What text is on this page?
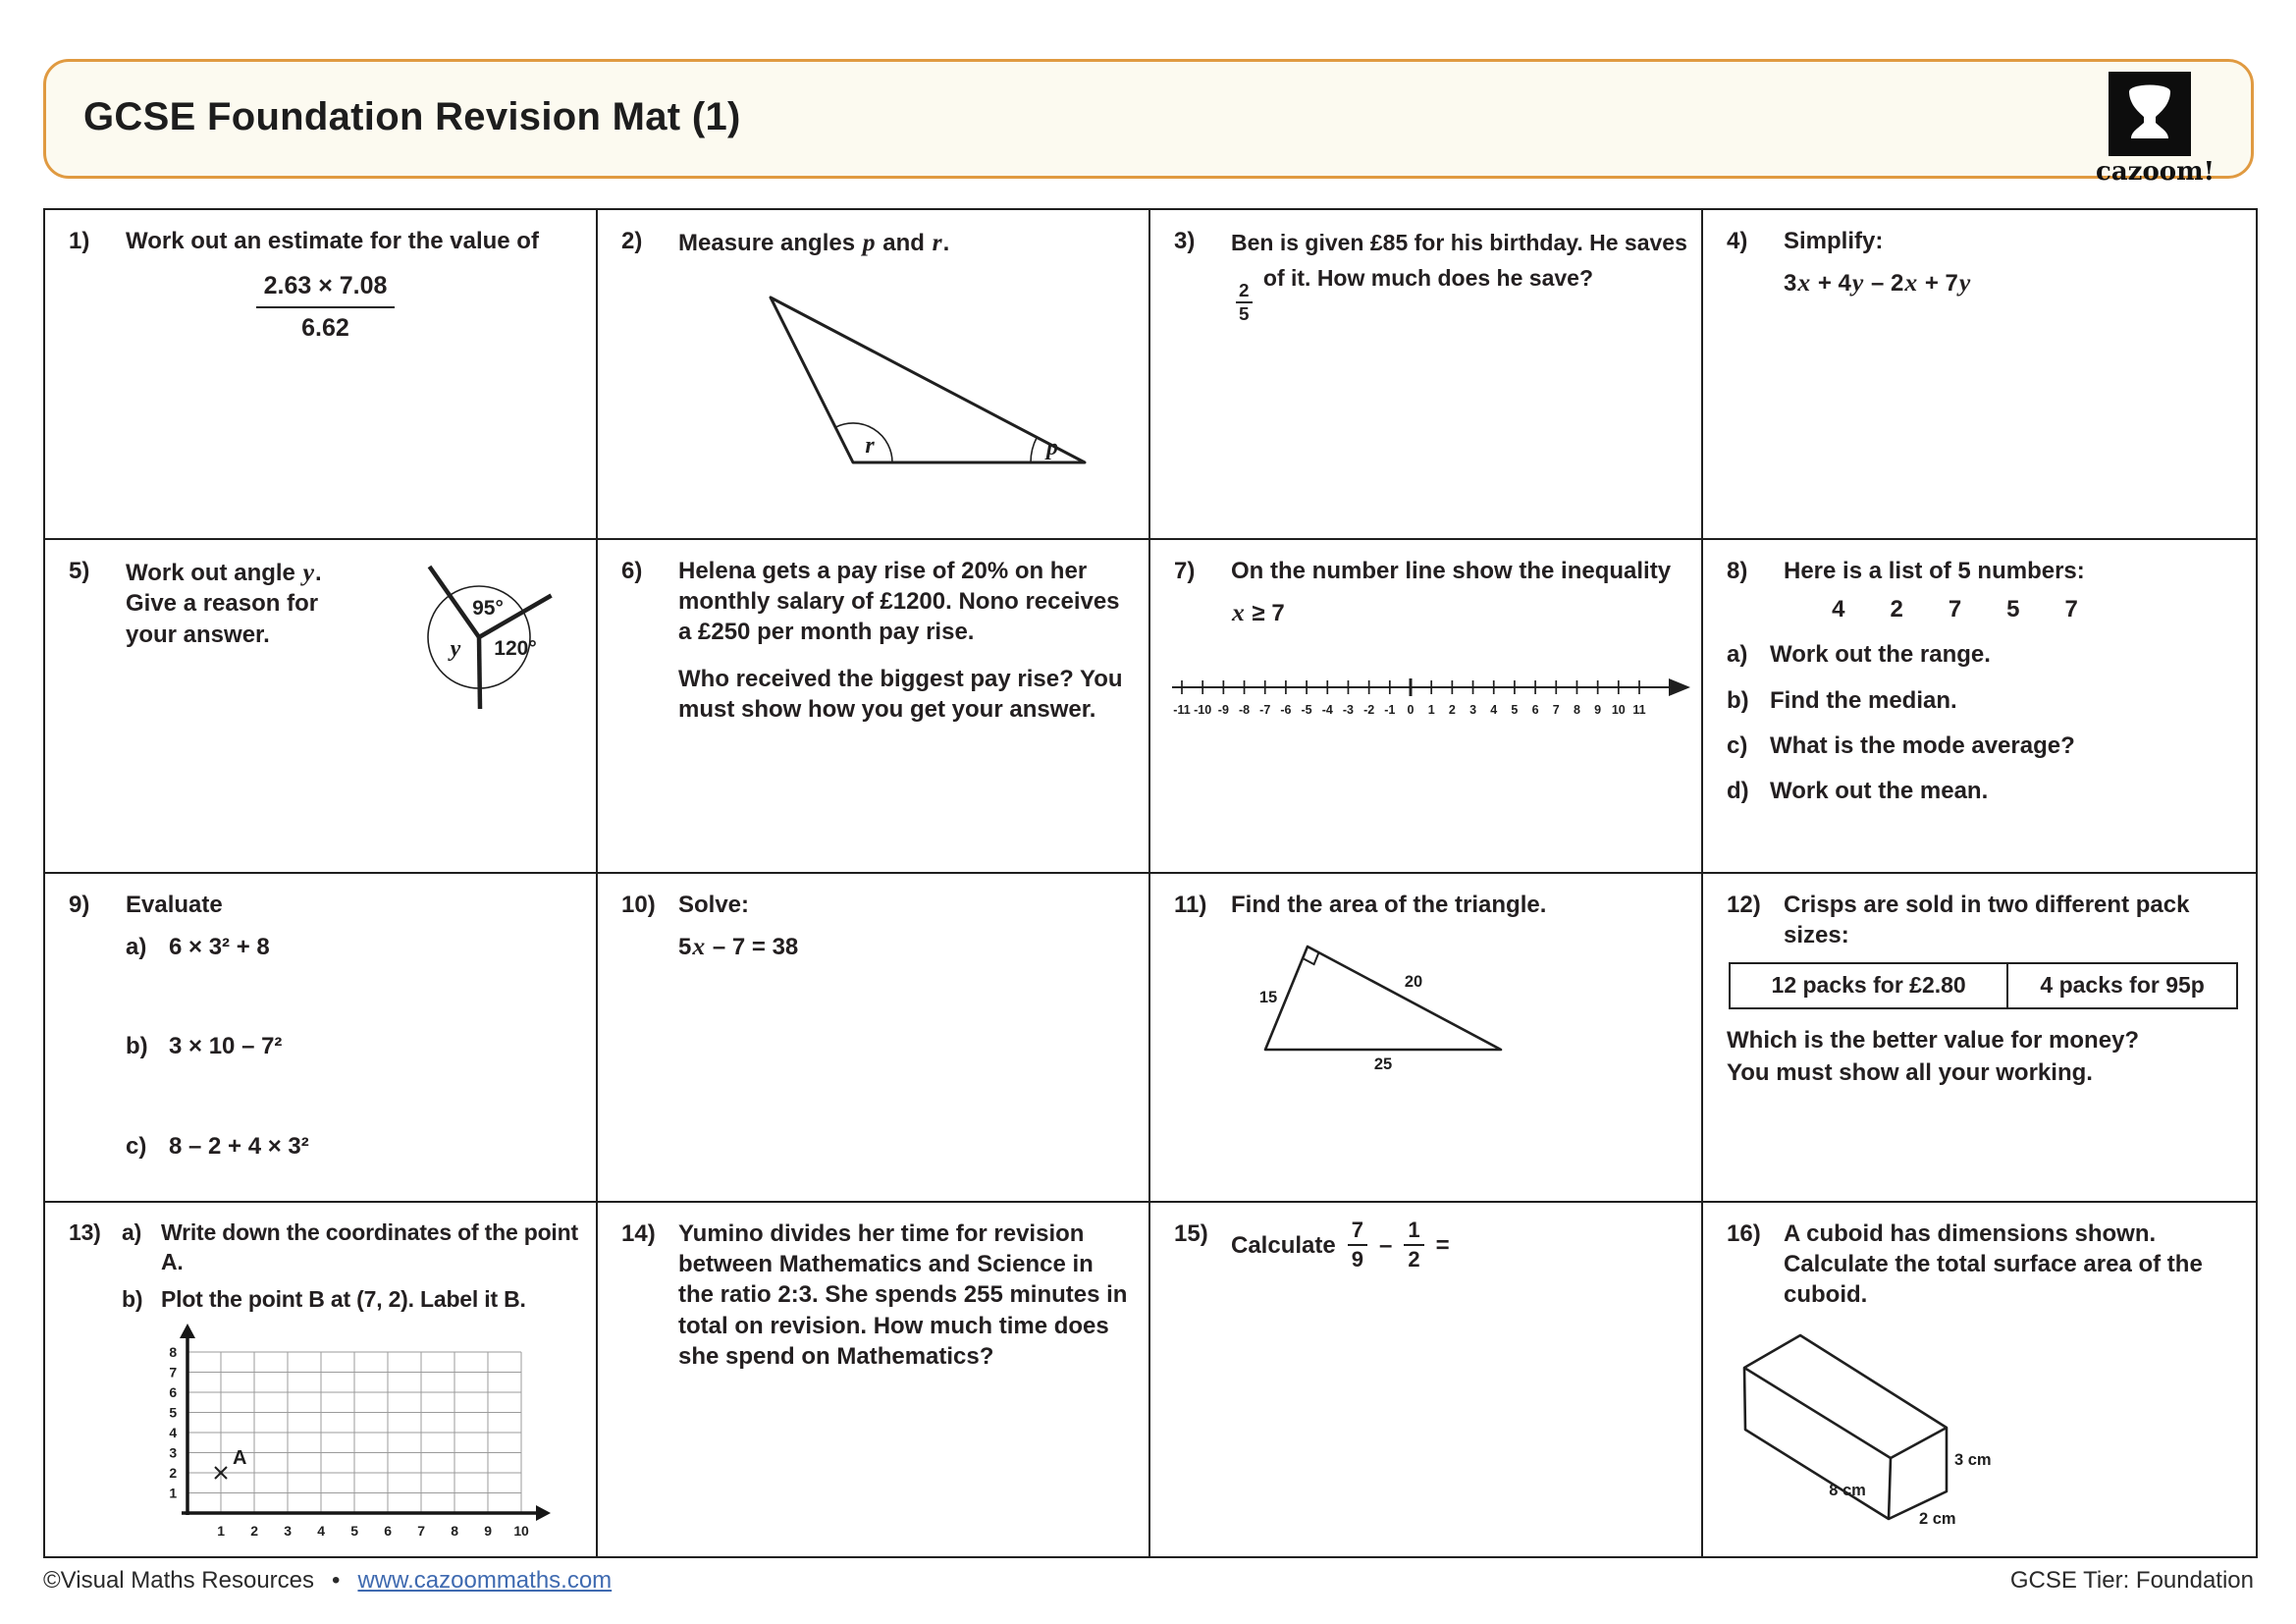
GCSE Foundation Revision Mat (1)
cazoom!
1)	Work out an estimate for the value of
2.63 × 7.08
6.62
2)	Measure angles p and r.
r	p
3)	Ben is given £85 for his birthday. He saves
$\frac{2}{5}$
of it. How much does he save?
4)	Simplify:
3x + 4y – 2x + 7y
5)	Work out angle y.
Give a reason for your answer.
95°
120°
y
6)	Helena gets a pay rise of 20% on her monthly salary of £1200. Nono receives a £250 per month pay rise.

Who received the biggest pay rise? You must show how you get your answer.

7)	On the number line show the inequality
x ≥ 7
-11 -10 -9 -8 -7 -6 -5 -4 -3 -2 -1 0 1 2 3 4 5 6 7 8 9 10 11
8)	Here is a list of 5 numbers:
4 2 7 5 7
a) Work out the range.
b) Find the median.
c) What is the mode average?
d) Work out the mean.
9)	Evaluate
a) 6 × 3² + 8
b) 3 × 10 – 7²
c) 8 – 2 + 4 × 3²
10) Solve:
5x – 7 = 38
11)	Find the area of the triangle.
15
20
25
12) Crisps are sold in two different pack sizes:
12 packs for £2.80	4 packs for 95p
Which is the better value for money?
You must show all your working.
13) a) Write down the coordinates of the point A.
b) Plot the point B at (7, 2). Label it B.
1 2 3 4 5 6 7 8 9 10
1
2
3
4
5
6
7
8
A
14) Yumino divides her time for revision between Mathematics and Science in the ratio 2:3. She spends 255 minutes in total on revision. How much time does she spend on Mathematics?
15) Calculate $\frac{7}{9} - \frac{1}{2}$ =	16) A cuboid has dimensions shown. Calculate the total surface area of the cuboid.
8 cm
3 cm
2 cm
©Visual Maths Resources • www.cazoommaths.com	GCSE Tier: Foundation
